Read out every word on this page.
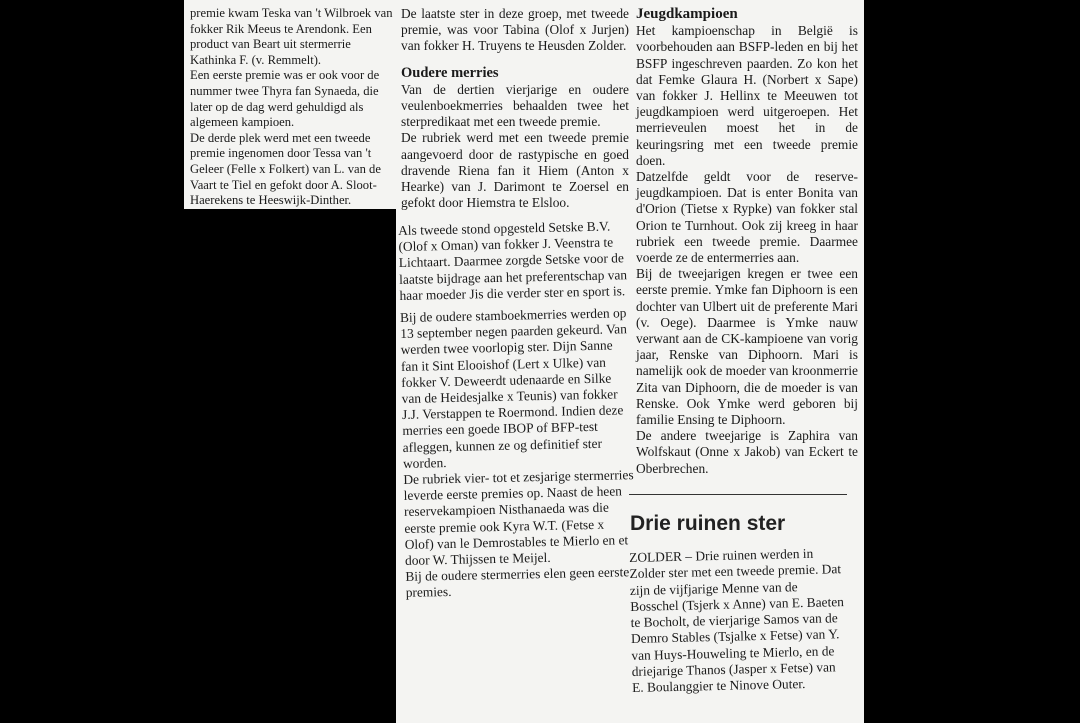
premie kwam Teska van 't Wilbroek van fokker Rik Meeus te Arendonk. Een product van Beart uit stermerrie Kathinka F. (v. Remmelt).

Een eerste premie was er ook voor de nummer twee Thyra fan Synaeda, die later op de dag werd gehuldigd als algemeen kampioen.

De derde plek werd met een tweede premie ingenomen door Tessa van 't Geleer (Felle x Folkert) van L. van de Vaart te Tiel en gefokt door A. Sloot-Haerekens te Heeswijk-Dinther.

De laatste ster in deze groep, met tweede premie, was voor Tabina (Olof x Jurjen) van fokker H. Truyens te Heusden Zolder.

Oudere merries

Van de dertien vierjarige en oudere veulenboekmerries behaalden twee het sterpredikaat met een tweede premie.

De rubriek werd met een tweede premie aangevoerd door de rastypische en goed dravende Riena fan it Hiem (Anton x Hearke) van J. Darimont te Zoersel en gefokt door Hiemstra te Elsloo.

Als tweede stond opgesteld Setske B.V. (Olof x Oman) van fokker J. Veenstra te Lichtaart. Daarmee zorgde Setske voor de laatste bijdrage aan het preferentschap van haar moeder Jis die verder ster en sport is.

Bij de oudere stamboekmerries werden op 13 september negen paarden gekeurd. Van werden twee voorlopig ster. Dijn Sanne fan it Sint Elooishof (Lert x Ulke) van fokker V. Deweerdt udenaarde en Silke van de Heidesjalke x Teunis) van fokker J.J. Verstappen te Roermond. Indien deze merries een goede IBOP of BFP-test afleggen, kunnen ze og definitief ster worden.

De rubriek vier- tot et zesjarige stermerries leverde eerste premies op. Naast de heen reservekampioen Nisthanaeda was die eerste premie ook Kyra W.T. (Fetse x Olof) van le Demrostables te Mierlo en et door W. Thijssen te Meijel.

Bij de oudere stermerries elen geen eerste premies.

Jeugdkampioen

Het kampioenschap in België is voorbehouden aan BSFP-leden en bij het BSFP ingeschreven paarden. Zo kon het dat Femke Glaura H. (Norbert x Sape) van fokker J. Hellinx te Meeuwen tot jeugdkampioen werd uitgeroepen. Het merrieveulen moest het in de keuringsring met een tweede premie doen.

Datzelfde geldt voor de reserve-jeugdkampioen. Dat is enter Bonita van d'Orion (Tietse x Rypke) van fokker stal Orion te Turnhout. Ook zij kreeg in haar rubriek een tweede premie. Daarmee voerde ze de entermerries aan.

Bij de tweejarigen kregen er twee een eerste premie. Ymke fan Diphoorn is een dochter van Ulbert uit de preferente Mari (v. Oege). Daarmee is Ymke nauw verwant aan de CK-kampioene van vorig jaar, Renske van Diphoorn. Mari is namelijk ook de moeder van kroonmerrie Zita van Diphoorn, die de moeder is van Renske. Ook Ymke werd geboren bij familie Ensing te Diphoorn.

De andere tweejarige is Zaphira van Wolfskaut (Onne x Jakob) van Eckert te Oberbrechen.

Drie ruinen ster

ZOLDER – Drie ruinen werden in Zolder ster met een tweede premie. Dat zijn de vijfjarige Menne van de Bosschel (Tsjerk x Anne) van E. Baeten te Bocholt, de vierjarige Samos van de Demro Stables (Tsjalke x Fetse) van Y. van Huys-Houweling te Mierlo, en de driejarige Thanos (Jasper x Fetse) van E. Boulanggier te Ninove Outer.
